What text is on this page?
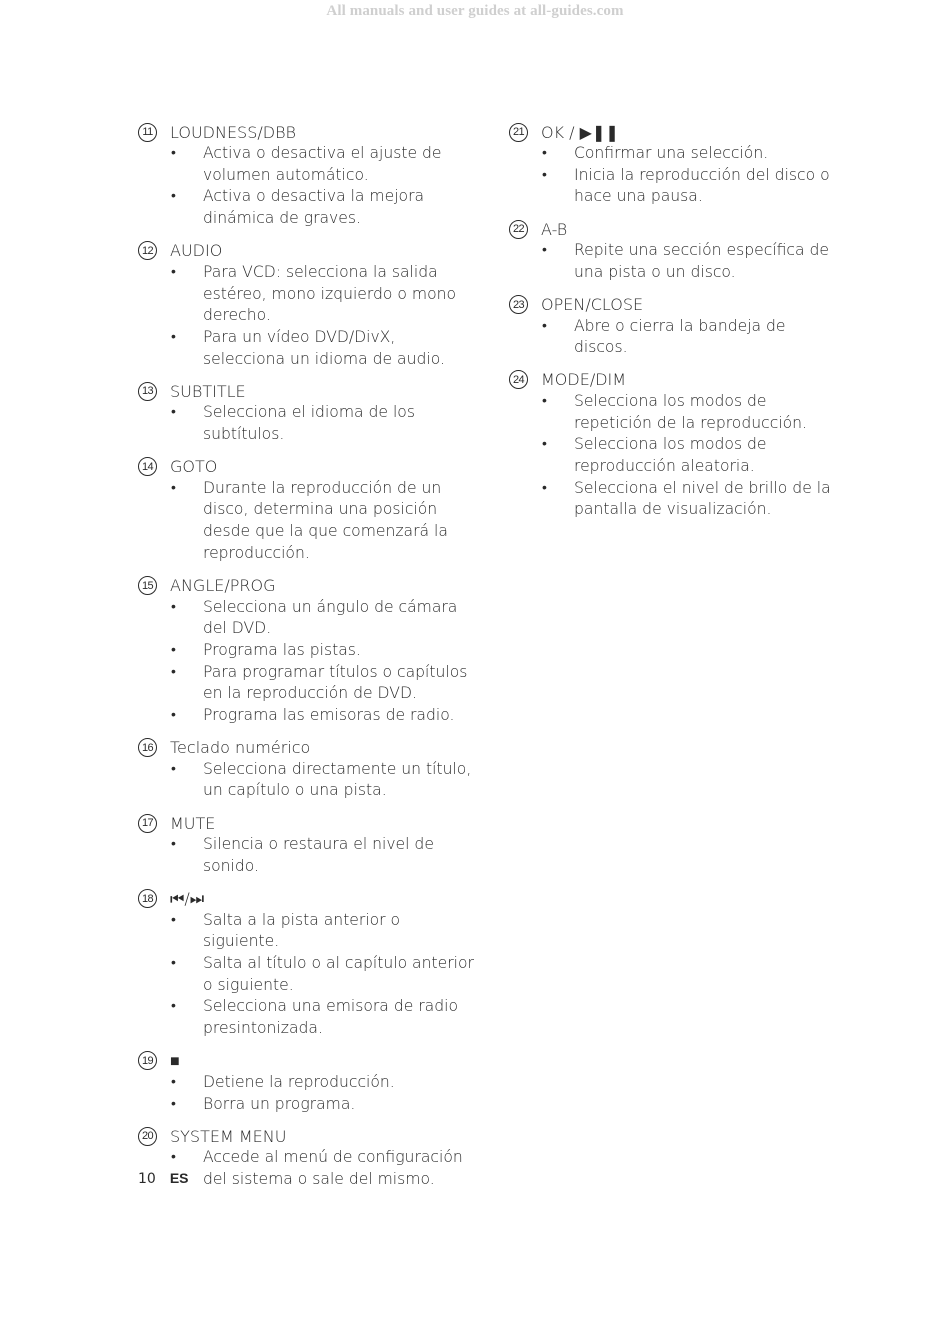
All manuals and user guides at all-guides.com
11 LOUDNESS/DBB
• Activa o desactiva el ajuste de volumen automático.
• Activa o desactiva la mejora dinámica de graves.
12 AUDIO
• Para VCD: selecciona la salida estéreo, mono izquierdo o mono derecho.
• Para un vídeo DVD/DivX, selecciona un idioma de audio.
13 SUBTITLE
• Selecciona el idioma de los subtítulos.
14 GOTO
• Durante la reproducción de un disco, determina una posición desde que la que comenzará la reproducción.
15 ANGLE/PROG
• Selecciona un ángulo de cámara del DVD.
• Programa las pistas.
• Para programar títulos o capítulos en la reproducción de DVD.
• Programa las emisoras de radio.
16 Teclado numérico
• Selecciona directamente un título, un capítulo o una pista.
17 MUTE
• Silencia o restaura el nivel de sonido.
18 ⏮/⏭
• Salta a la pista anterior o siguiente.
• Salta al título o al capítulo anterior o siguiente.
• Selecciona una emisora de radio presintonizada.
19 ■
• Detiene la reproducción.
• Borra un programa.
20 SYSTEM MENU
• Accede al menú de configuración del sistema o sale del mismo.
21 OK / ▶❚❚
• Confirmar una selección.
• Inicia la reproducción del disco o hace una pausa.
22 A-B
• Repite una sección específica de una pista o un disco.
23 OPEN/CLOSE
• Abre o cierra la bandeja de discos.
24 MODE/DIM
• Selecciona los modos de repetición de la reproducción.
• Selecciona los modos de reproducción aleatoria.
• Selecciona el nivel de brillo de la pantalla de visualización.
10 ES
